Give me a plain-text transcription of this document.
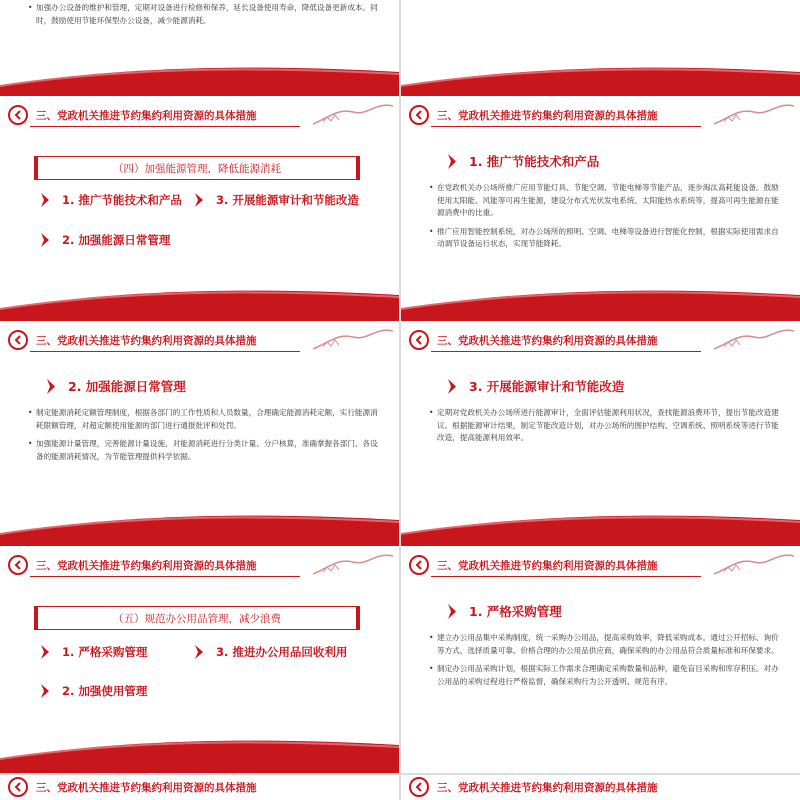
• 加强办公设备的维护和管理，定期对设备进行检修和保养，延长设备使用寿命，降低设备更新成本。同时，鼓励使用节能环保型办公设备，减少能源消耗。

三、党政机关推进节约集约利用资源的具体措施
（四）加强能源管理，降低能源消耗
1. 推广节能技术和产品	3. 开展能源审计和节能改造
2. 加强能源日常管理
三、党政机关推进节约集约利用资源的具体措施
1. 推广节能技术和产品

• 在党政机关办公场所推广应用节能灯具、节能空调、节能电梯等节能产品，逐步淘汰高耗能设备。鼓励使用太阳能、风能等可再生能源，建设分布式光伏发电系统、太阳能热水系统等，提高可再生能源在能源消费中的比重。

• 推广应用智能控制系统，对办公场所的照明、空调、电梯等设备进行智能化控制，根据实际使用需求自动调节设备运行状态，实现节能降耗。

三、党政机关推进节约集约利用资源的具体措施
2. 加强能源日常管理

• 制定能源消耗定额管理制度，根据各部门的工作性质和人员数量，合理确定能源消耗定额，实行能源消耗限额管理，对超定额使用能源的部门进行通报批评和处罚。

• 加强能源计量管理，完善能源计量设施，对能源消耗进行分类计量、分户核算，准确掌握各部门、各设备的能源消耗情况，为节能管理提供科学依据。

三、党政机关推进节约集约利用资源的具体措施
3. 开展能源审计和节能改造

• 定期对党政机关办公场所进行能源审计，全面评估能源利用状况，查找能源浪费环节，提出节能改造建议。根据能源审计结果，制定节能改造计划，对办公场所的围护结构、空调系统、照明系统等进行节能改造，提高能源利用效率。

三、党政机关推进节约集约利用资源的具体措施
（五）规范办公用品管理，减少浪费
1. 严格采购管理	3. 推进办公用品回收利用
2. 加强使用管理
三、党政机关推进节约集约利用资源的具体措施
1. 严格采购管理

• 建立办公用品集中采购制度，统一采购办公用品，提高采购效率，降低采购成本。通过公开招标、询价等方式，选择质量可靠、价格合理的办公用品供应商，确保采购的办公用品符合质量标准和环保要求。

• 制定办公用品采购计划，根据实际工作需求合理确定采购数量和品种，避免盲目采购和库存积压。对办公用品的采购过程进行严格监督，确保采购行为公开透明、规范有序。

三、党政机关推进节约集约利用资源的具体措施	三、党政机关推进节约集约利用资源的具体措施
